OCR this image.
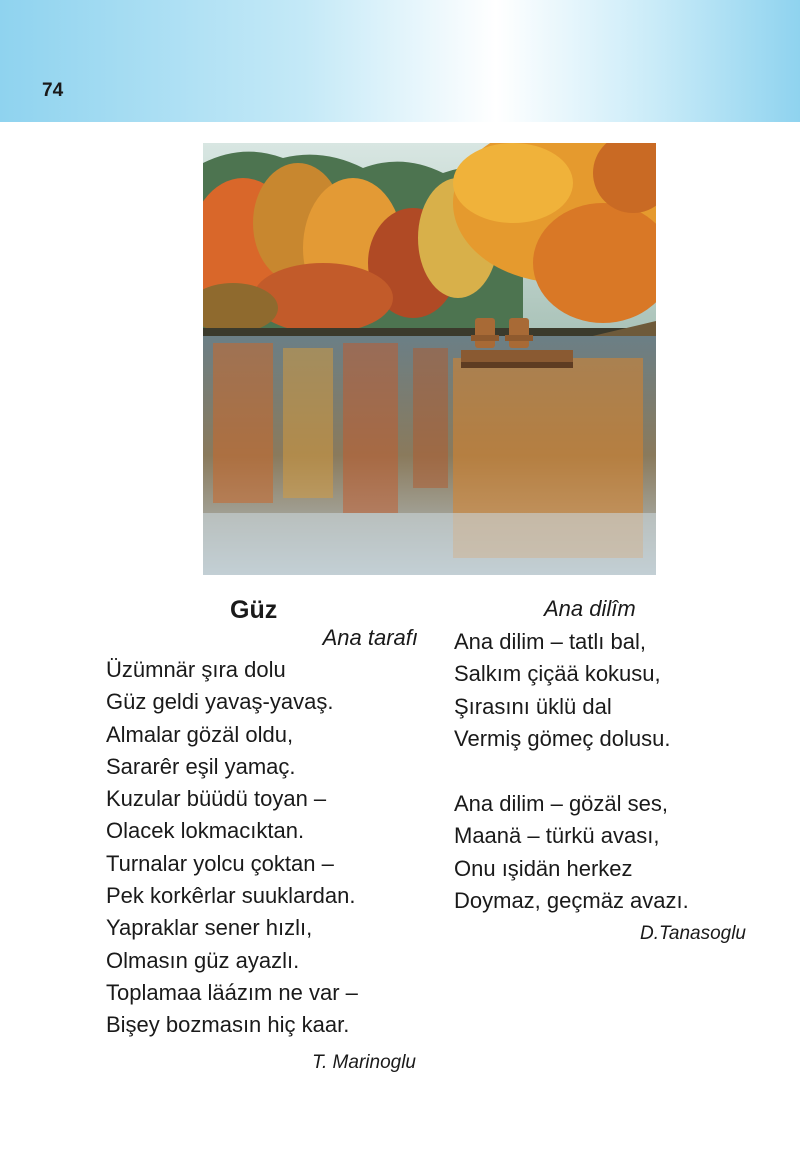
74
Güz
Ana tarafı
Üzümnär şıra dolu
Güz geldi yavaş-yavaş.
Almalar gözäl oldu,
Sararêr eşil yamaç.
Kuzular büüdü toyan –
Olacek lokmacıktan.
Turnalar yolcu çoktan –
Pek korkêrlar suuklardan.
Yapraklar sener hızlı,
Olmasın güz ayazlı.
Toplamaa läázım ne var –
Bişey bozmasın hiç kaar.
T. Marinoglu
Ana dilîm
Ana dilim – tatlı bal,
Salkım çiçää kokusu,
Şırasını üklü dal
Vermiş gömeç dolusu.
Ana dilim – gözäl ses,
Maanä – türkü avası,
Onu ışidän herkez
Doymaz, geçmäz avazı.
D.Tanasoglu
